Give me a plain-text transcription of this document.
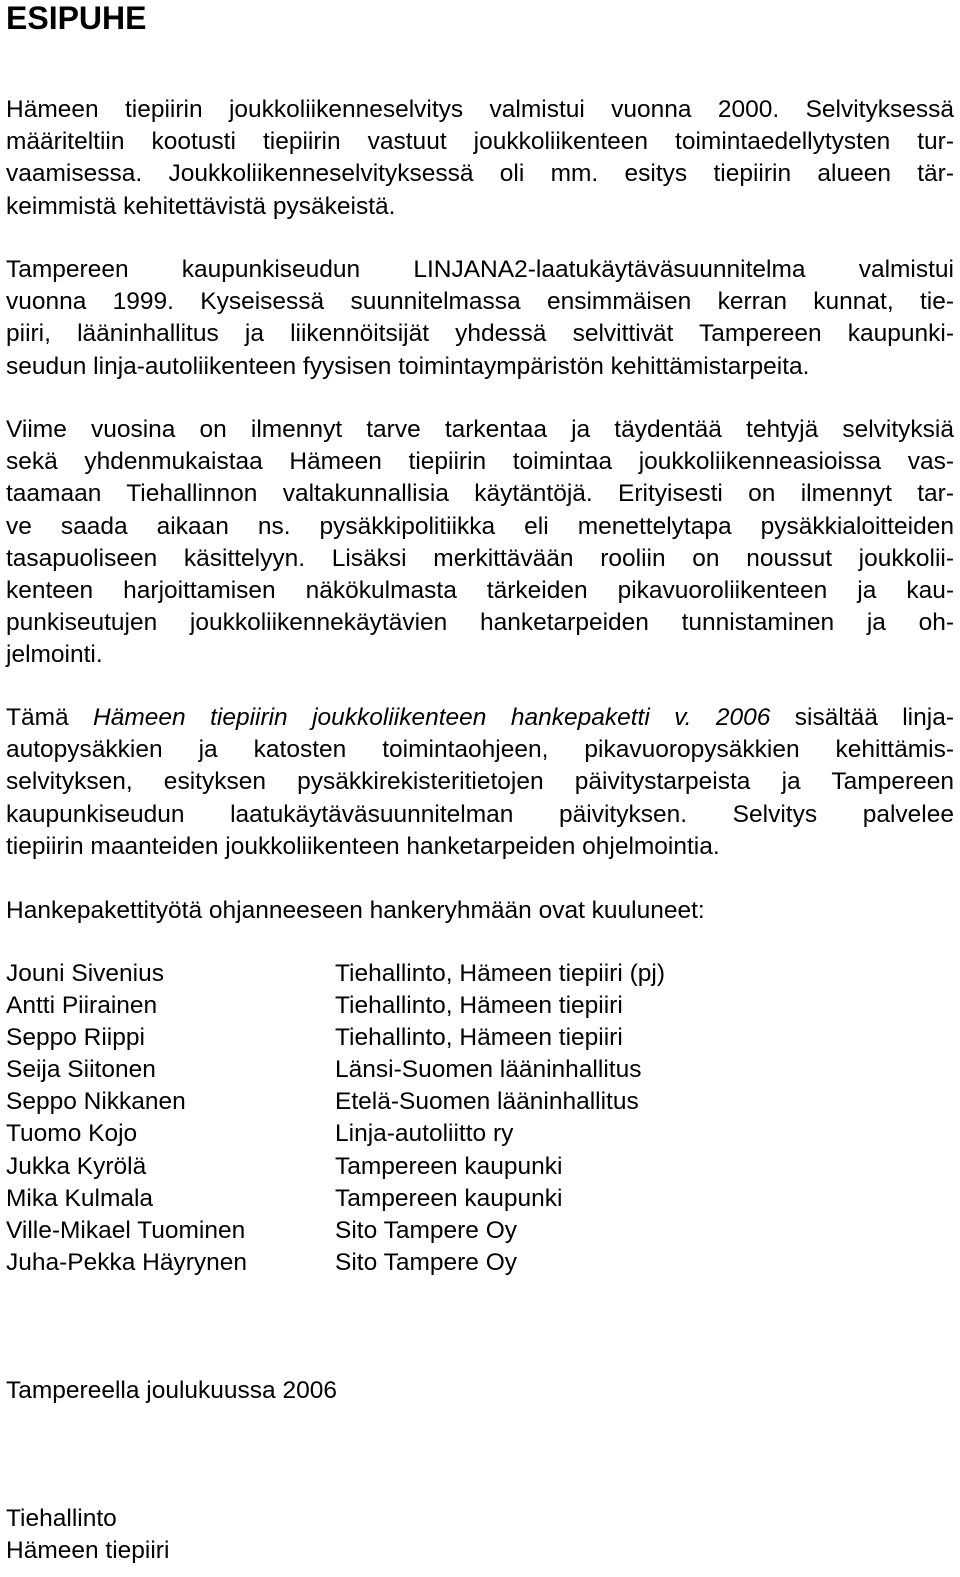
ESIPUHE
Hämeen tiepiirin joukkoliikenneselvitys valmistui vuonna 2000. Selvityksessä
määriteltiin kootusti tiepiirin vastuut joukkoliikenteen toimintaedellytysten tur-
vaamisessa. Joukkoliikenneselvityksessä oli mm. esitys tiepiirin alueen tär-
keimmistä kehitettävistä pysäkeistä.
Tampereen kaupunkiseudun LINJANA2-laatukäytäväsuunnitelma valmistui
vuonna 1999. Kyseisessä suunnitelmassa ensimmäisen kerran kunnat, tie-
piiri, lääninhallitus ja liikennöitsijät yhdessä selvittivät Tampereen kaupunki-
seudun linja-autoliikenteen fyysisen toimintaympäristön kehittämistarpeita.
Viime vuosina on ilmennyt tarve tarkentaa ja täydentää tehtyjä selvityksiä
sekä yhdenmukaistaa Hämeen tiepiirin toimintaa joukkoliikenneasioissa vas-
taamaan Tiehallinnon valtakunnallisia käytäntöjä. Erityisesti on ilmennyt tar-
ve saada aikaan ns. pysäkkipolitiikka eli menettelytapa pysäkkialoitteiden
tasapuoliseen käsittelyyn. Lisäksi merkittävään rooliin on noussut joukkolii-
kenteen harjoittamisen näkökulmasta tärkeiden pikavuoroliikenteen ja kau-
punkiseutujen joukkoliikennekäytävien hanketarpeiden tunnistaminen ja oh-
jelmointi.
Tämä Hämeen tiepiirin joukkoliikenteen hankepaketti v. 2006 sisältää linja-
autopysäkkien ja katosten toimintaohjeen, pikavuoropysäkkien kehittämis-
selvityksen, esityksen pysäkkirekisteritietojen päivitystarpeista ja Tampereen
kaupunkiseudun laatukäytäväsuunnitelman päivityksen. Selvitys palvelee
tiepiirin maanteiden joukkoliikenteen hanketarpeiden ohjelmointia.
Hankepakettityötä ohjanneeseen hankeryhmään ovat kuuluneet:
Jouni Sivenius	Tiehallinto, Hämeen tiepiiri (pj)
Antti Piirainen	Tiehallinto, Hämeen tiepiiri
Seppo Riippi	Tiehallinto, Hämeen tiepiiri
Seija Siitonen	Länsi-Suomen lääninhallitus
Seppo Nikkanen	Etelä-Suomen lääninhallitus
Tuomo Kojo	Linja-autoliitto ry
Jukka Kyrölä	Tampereen kaupunki
Mika Kulmala	Tampereen kaupunki
Ville-Mikael Tuominen	Sito Tampere Oy
Juha-Pekka Häyrynen	Sito Tampere Oy
Tampereella joulukuussa 2006
Tiehallinto
Hämeen tiepiiri
